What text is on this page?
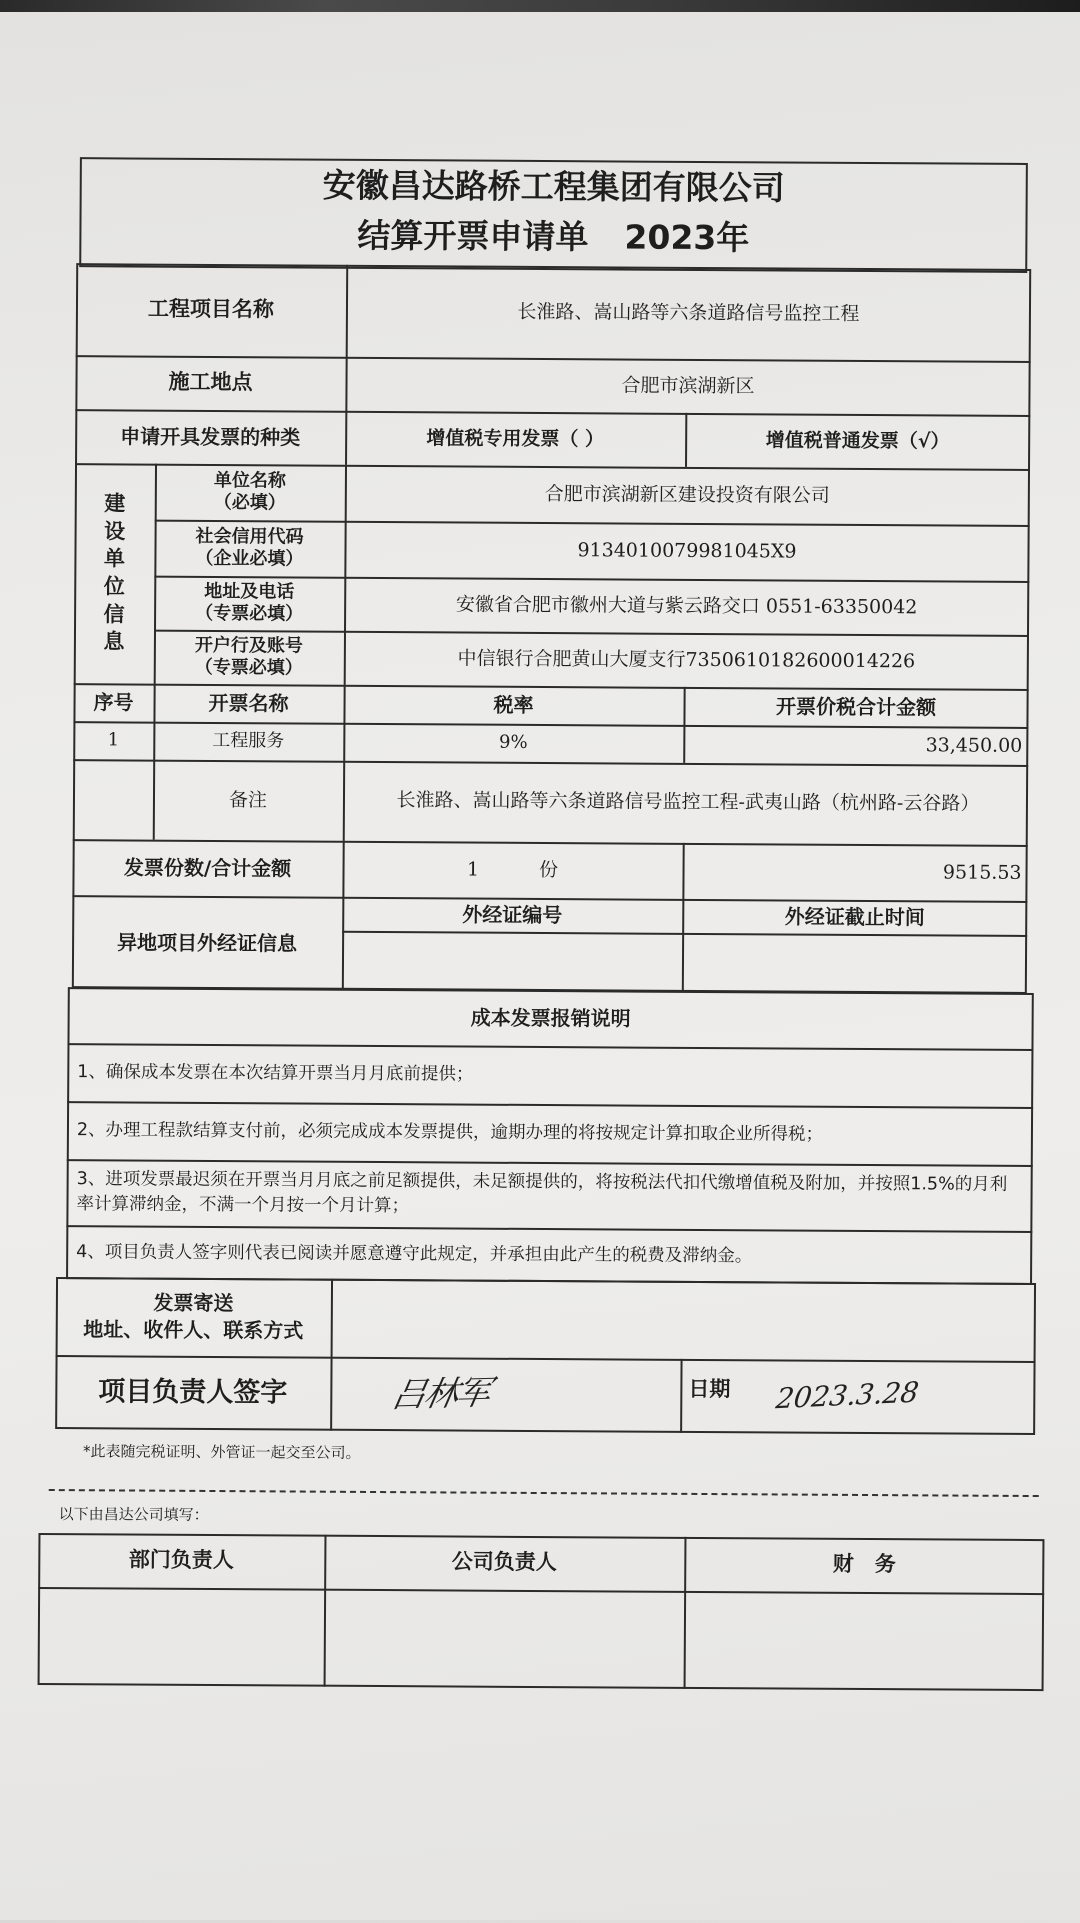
安徽昌达路桥工程集团有限公司
结算开票申请单 2023年
工程项目名称	长淮路、嵩山路等六条道路信号监控工程
施工地点	合肥市滨湖新区
申请开具发票的种类	增值税专用发票（ ）	增值税普通发票（√）
建
设
单
位
信
息
单位名称
（必填）	合肥市滨湖新区建设投资有限公司
社会信用代码
（企业必填）	9134010079981045X9
地址及电话
（专票必填）	安徽省合肥市徽州大道与紫云路交口 0551-63350042
开户行及账号
（专票必填）	中信银行合肥黄山大厦支行7350610182600014226
序号	开票名称	税率	开票价税合计金额
1	工程服务	9%	33,450.00
备注	长淮路、嵩山路等六条道路信号监控工程-武夷山路（杭州路-云谷路）
发票份数/合计金额	1	份	9515.53
异地项目外经证信息
外经证编号	外经证截止时间
成本发票报销说明
1、确保成本发票在本次结算开票当月月底前提供；
2、办理工程款结算支付前，必须完成成本发票提供，逾期办理的将按规定计算扣取企业所得税；
3、进项发票最迟须在开票当月月底之前足额提供，未足额提供的，将按税法代扣代缴增值税及附加，并按照1.5%的月利率计算滞纳金，不满一个月按一个月计算；
4、项目负责人签字则代表已阅读并愿意遵守此规定，并承担由此产生的税费及滞纳金。
发票寄送
地址、收件人、联系方式
项目负责人签字	吕林军	日期	2023.3.28
*此表随完税证明、外管证一起交至公司。
以下由昌达公司填写：
部门负责人	公司负责人	财　务
